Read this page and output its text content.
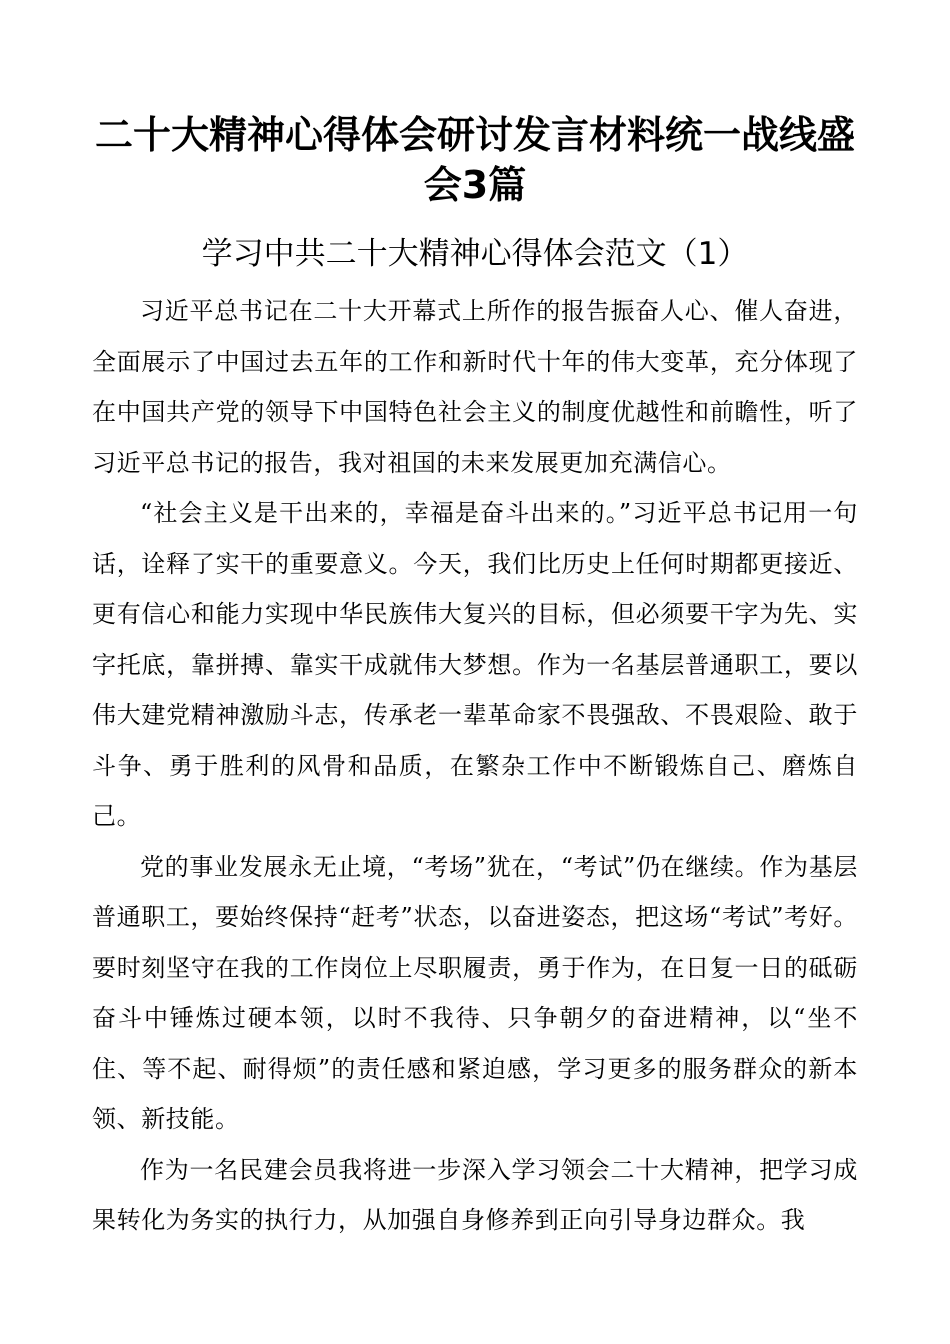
二十大精神心得体会研讨发言材料统一战线盛会3篇
学习中共二十大精神心得体会范文（1）

习近平总书记在二十大开幕式上所作的报告振奋人心、催人奋进，全面展示了中国过去五年的工作和新时代十年的伟大变革，充分体现了在中国共产党的领导下中国特色社会主义的制度优越性和前瞻性，听了习近平总书记的报告，我对祖国的未来发展更加充满信心。

“社会主义是干出来的，幸福是奋斗出来的。”习近平总书记用一句话，诠释了实干的重要意义。今天，我们比历史上任何时期都更接近、更有信心和能力实现中华民族伟大复兴的目标，但必须要干字为先、实字托底，靠拼搏、靠实干成就伟大梦想。作为一名基层普通职工，要以伟大建党精神激励斗志，传承老一辈革命家不畏强敌、不畏艰险、敢于斗争、勇于胜利的风骨和品质，在繁杂工作中不断锻炼自己、磨炼自己。

党的事业发展永无止境，“考场”犹在，“考试”仍在继续。作为基层普通职工，要始终保持“赶考”状态，以奋进姿态，把这场“考试”考好。要时刻坚守在我的工作岗位上尽职履责，勇于作为，在日复一日的砥砺奋斗中锤炼过硬本领，以时不我待、只争朝夕的奋进精神，以“坐不住、等不起、耐得烦”的责任感和紧迫感，学习更多的服务群众的新本领、新技能。

作为一名民建会员我将进一步深入学习领会二十大精神，把学习成果转化为务实的执行力，从加强自身修养到正向引导身边群众。我
